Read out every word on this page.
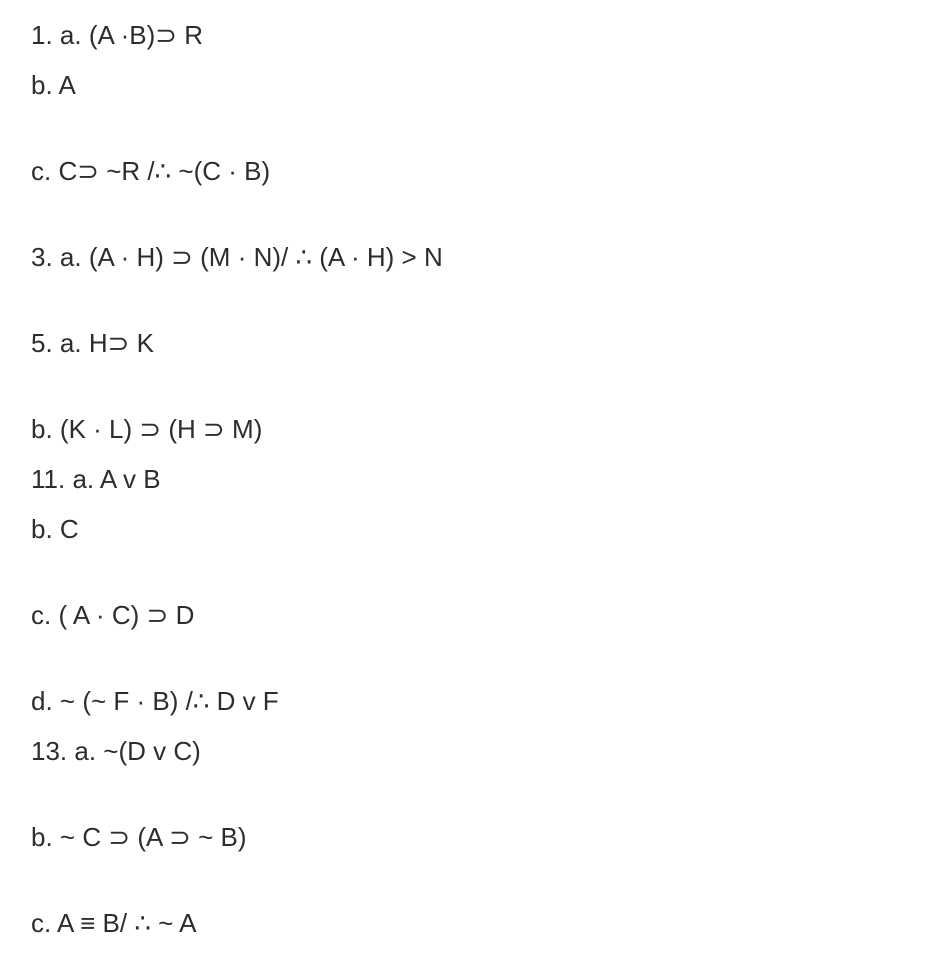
1. a. (A ·B)⊃ R
b. A
c. C⊃ ~R /∴ ~(C · B)
3. a. (A · H) ⊃ (M · N)/ ∴ (A · H) > N
5. a. H⊃ K
b. (K · L) ⊃ (H ⊃ M)
11. a. A v B
b. C
c. ( A · C) ⊃ D
d. ~ (~ F · B) /∴ D v F
13. a. ~(D v C)
b. ~ C ⊃ (A ⊃ ~ B)
c. A ≡ B/ ∴ ~ A
